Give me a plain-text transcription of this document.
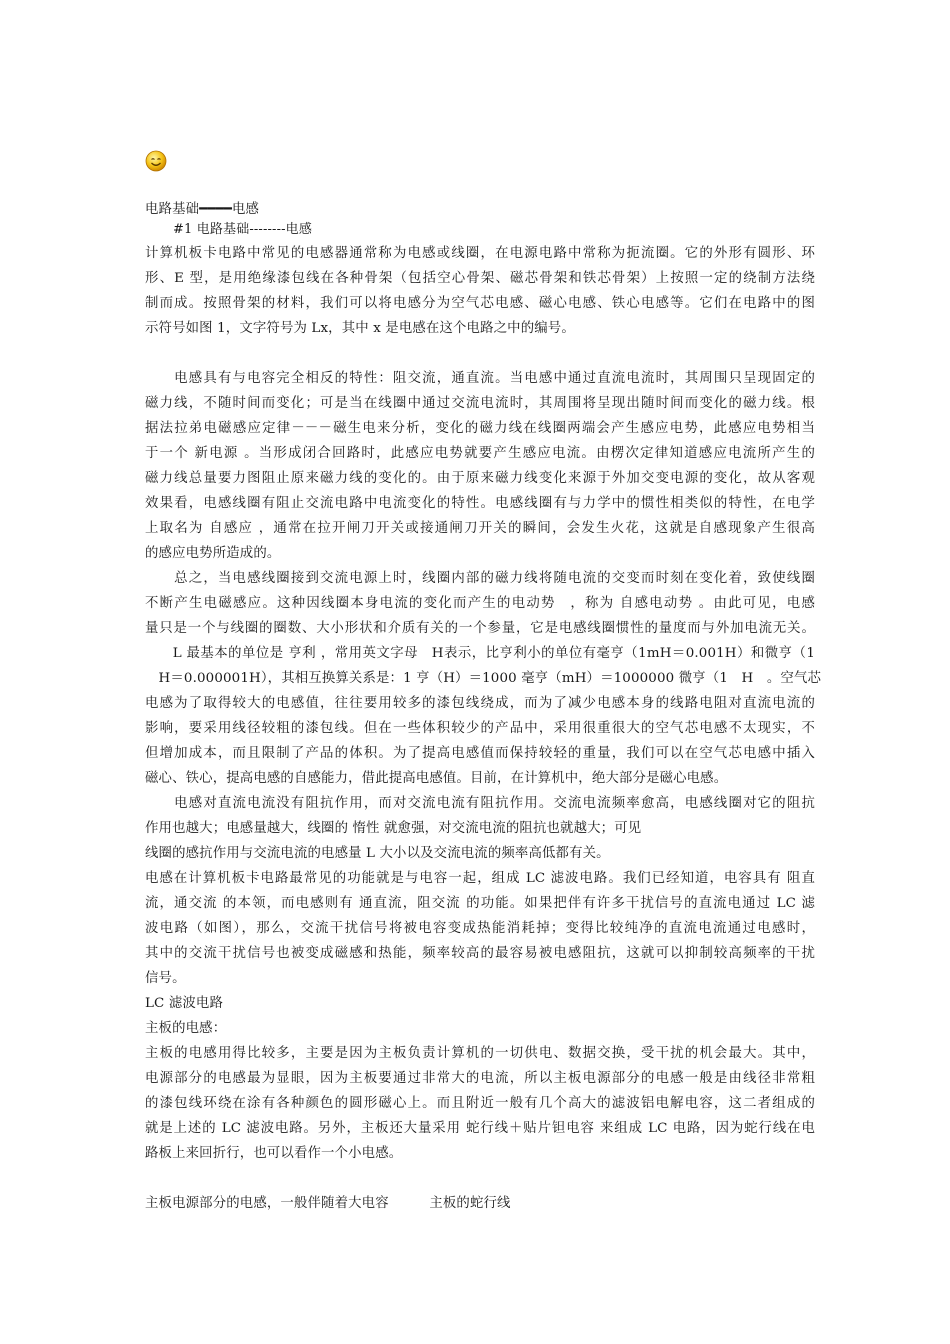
电路基础━━━━电感
#1 电路基础--------电感
计算机板卡电路中常见的电感器通常称为电感或线圈，在电源电路中常称为扼流圈。它的外形有圆形、环
形、E 型，是用绝缘漆包线在各种骨架（包括空心骨架、磁芯骨架和铁芯骨架）上按照一定的绕制方法绕
制而成。按照骨架的材料，我们可以将电感分为空气芯电感、磁心电感、铁心电感等。它们在电路中的图
示符号如图 1，文字符号为 Lx，其中 x 是电感在这个电路之中的编号。
　　电感具有与电容完全相反的特性：阻交流，通直流。当电感中通过直流电流时，其周围只呈现固定的
磁力线，不随时间而变化；可是当在线圈中通过交流电流时，其周围将呈现出随时间而变化的磁力线。根
据法拉弟电磁感应定律－－－磁生电来分析，变化的磁力线在线圈两端会产生感应电势，此感应电势相当
于一个 新电源 。当形成闭合回路时，此感应电势就要产生感应电流。由楞次定律知道感应电流所产生的
磁力线总量要力图阻止原来磁力线的变化的。由于原来磁力线变化来源于外加交变电源的变化，故从客观
效果看，电感线圈有阻止交流电路中电流变化的特性。电感线圈有与力学中的惯性相类似的特性，在电学
上取名为 自感应 ，通常在拉开闸刀开关或接通闸刀开关的瞬间，会发生火花，这就是自感现象产生很高
的感应电势所造成的。
　　总之，当电感线圈接到交流电源上时，线圈内部的磁力线将随电流的交变而时刻在变化着，致使线圈
不断产生电磁感应。这种因线圈本身电流的变化而产生的电动势　，称为 自感电动势 。由此可见，电感
量只是一个与线圈的圈数、大小形状和介质有关的一个参量，它是电感线圈惯性的量度而与外加电流无关。
　　L 最基本的单位是 亨利 ，常用英文字母　H表示，比亨利小的单位有毫亨（1mH＝0.001H）和微亨（1
　H＝0.000001H），其相互换算关系是：1 亨（H）＝1000 毫亨（mH）＝1000000 微亨（1　H　。空气芯
电感为了取得较大的电感值，往往要用较多的漆包线绕成，而为了减少电感本身的线路电阻对直流电流的
影响，要采用线径较粗的漆包线。但在一些体积较少的产品中，采用很重很大的空气芯电感不太现实，不
但增加成本，而且限制了产品的体积。为了提高电感值而保持较轻的重量，我们可以在空气芯电感中插入
磁心、铁心，提高电感的自感能力，借此提高电感值。目前，在计算机中，绝大部分是磁心电感。
　　电感对直流电流没有阻抗作用，而对交流电流有阻抗作用。交流电流频率愈高，电感线圈对它的阻抗
作用也越大；电感量越大，线圈的 惰性 就愈强，对交流电流的阻抗也就越大；可见
线圈的感抗作用与交流电流的电感量 L 大小以及交流电流的频率高低都有关。
电感在计算机板卡电路最常见的功能就是与电容一起，组成 LC 滤波电路。我们已经知道，电容具有 阻直
流，通交流 的本领，而电感则有 通直流，阻交流 的功能。如果把伴有许多干扰信号的直流电通过 LC 滤
波电路（如图），那么，交流干扰信号将被电容变成热能消耗掉；变得比较纯净的直流电流通过电感时，
其中的交流干扰信号也被变成磁感和热能，频率较高的最容易被电感阻抗，这就可以抑制较高频率的干扰
信号。
LC 滤波电路
主板的电感：
主板的电感用得比较多，主要是因为主板负责计算机的一切供电、数据交换，受干扰的机会最大。其中，
电源部分的电感最为显眼，因为主板要通过非常大的电流，所以主板电源部分的电感一般是由线径非常粗
的漆包线环绕在涂有各种颜色的圆形磁心上。而且附近一般有几个高大的滤波铝电解电容，这二者组成的
就是上述的 LC 滤波电路。另外，主板还大量采用 蛇行线＋贴片钽电容 来组成 LC 电路，因为蛇行线在电
路板上来回折行，也可以看作一个小电感。
主板电源部分的电感，一般伴随着大电容　　　主板的蛇行线
